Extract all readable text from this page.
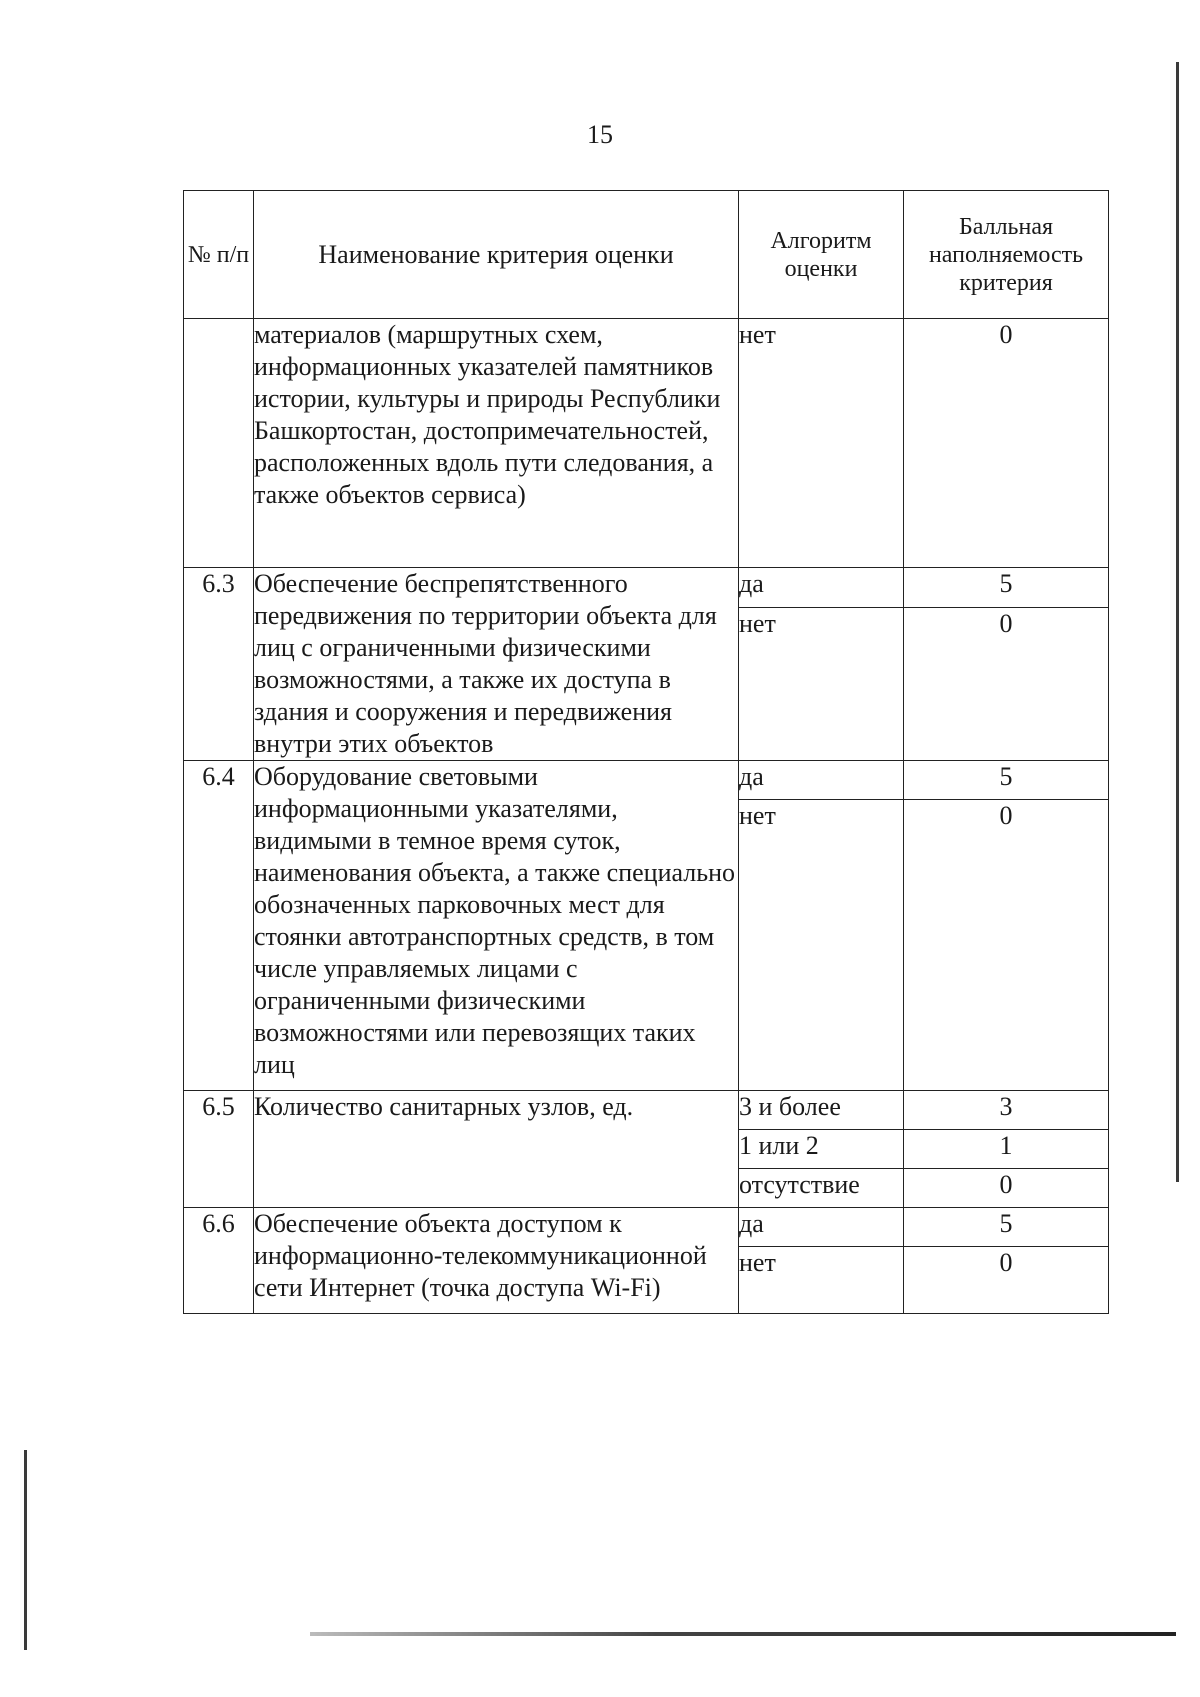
15
№ п/п	Наименование критерия оценки	Алгоритм оценки	Балльная наполняемость критерия
	материалов (маршрутных схем, информационных указателей памятников истории, культуры и природы Республики Башкортостан, достопримечательностей, расположенных вдоль пути следования, а также объектов сервиса)	нет	0
6.3	Обеспечение беспрепятственного передвижения по территории объекта для лиц с ограниченными физическими возможностями, а также их доступа в здания и сооружения и передвижения внутри этих объектов	да	5
		нет	0
6.4	Оборудование световыми информационными указателями, видимыми в темное время суток, наименования объекта, а также специально обозначенных парковочных мест для стоянки автотранспортных средств, в том числе управляемых лицами с ограниченными физическими возможностями или перевозящих таких лиц	да	5
		нет	0
6.5	Количество санитарных узлов, ед.	3 и более	3
		1 или 2	1
		отсутствие	0
6.6	Обеспечение объекта доступом к информационно-телекоммуникационной сети Интернет (точка доступа Wi-Fi)	да	5
		нет	0
